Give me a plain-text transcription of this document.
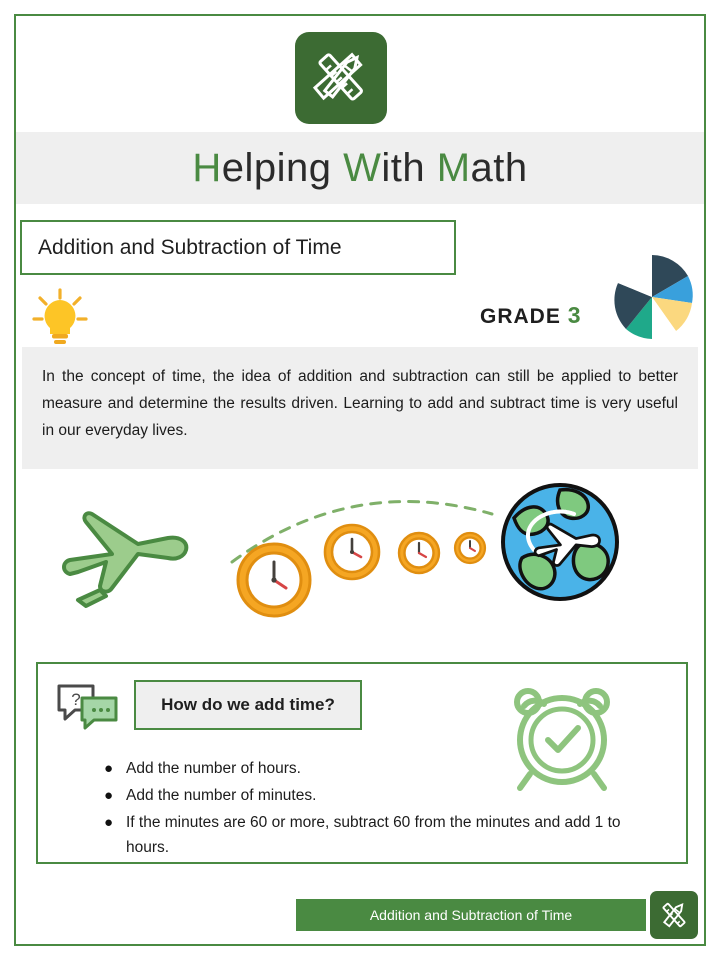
Helping With Math
Addition and Subtraction of Time
GRADE 3

In the concept of time, the idea of addition and subtraction can still be applied to better measure and determine the results driven. Learning to add and subtract time is very useful in our everyday lives.

?	How do we add time?
● Add the number of hours.
● Add the number of minutes.
● If the minutes are 60 or more, subtract 60 from the minutes and add 1 to hours.
Addition and Subtraction of Time
